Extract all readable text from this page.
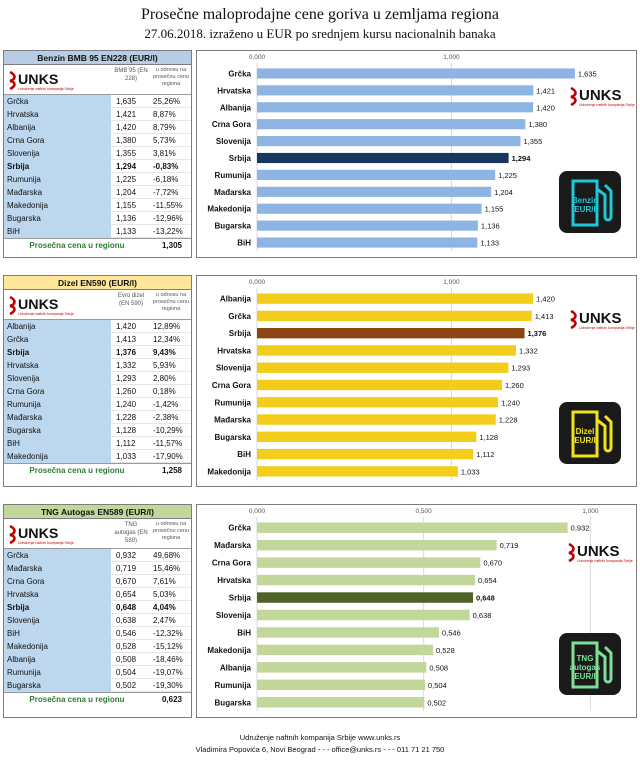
Prosečne maloprodajne cene goriva u zemljama regiona
27.06.2018. izraženo u EUR po srednjem kursu nacionalnih banaka
Benzin BMB 95 EN228 (EUR/l)
UNKS
Udruženje naftnih kompanija Srbije
BMB 95 (EN 228)
u odnosu na prosečnu cenu regiona
Grčka	1,635	25,26%
Hrvatska	1,421	8,87%
Albanija	1,420	8,79%
Crna Gora	1,380	5,73%
Slovenija	1,355	3,81%
Srbija	1,294	-0,83%
Rumunija	1,225	-6,18%
Mađarska	1,204	-7,72%
Makedonija	1,155	-11,55%
Bugarska	1,136	-12,96%
BiH	1,133	-13,22%
Prosečna cena u regionu	1,305
0,000	1,000
Grčka	1,635
Hrvatska	1,421
Albanija	1,420
Crna Gora	1,380
Slovenija	1,355
Srbija	1,294
Rumunija	1,225
Mađarska	1,204
Makedonija	1,155
Bugarska	1,136
BiH	1,133
UNKS
Udruženje naftnih kompanija Srbije
Benzin
EUR/l
Dizel EN590 (EUR/l)
UNKS
Udruženje naftnih kompanija Srbije
Evro dizel (EN 590)
u odnosu na prosečnu cenu regiona
Albanija	1,420	12,89%
Grčka	1,413	12,34%
Srbija	1,376	9,43%
Hrvatska	1,332	5,93%
Slovenija	1,293	2,80%
Crna Gora	1,260	0,18%
Rumunija	1,240	-1,42%
Mađarska	1,228	-2,38%
Bugarska	1,128	-10,29%
BiH	1,112	-11,57%
Makedonija	1,033	-17,90%
Prosečna cena u regionu	1,258
0,000	1,000
Albanija	1,420
Grčka	1,413
Srbija	1,376
Hrvatska	1,332
Slovenija	1,293
Crna Gora	1,260
Rumunija	1,240
Mađarska	1,228
Bugarska	1,128
BiH	1,112
Makedonija	1,033
UNKS
Udruženje naftnih kompanija Srbije
Dizel
EUR/l
TNG Autogas EN589 (EUR/l)
UNKS
Udruženje naftnih kompanija Srbije
TNG autogas (EN 589)
u odnosu na prosečnu cenu regiona
Grčka	0,932	49,68%
Mađarska	0,719	15,46%
Crna Gora	0,670	7,61%
Hrvatska	0,654	5,03%
Srbija	0,648	4,04%
Slovenija	0,638	2,47%
BiH	0,546	-12,32%
Makedonija	0,528	-15,12%
Albanija	0,508	-18,46%
Rumunija	0,504	-19,07%
Bugarska	0,502	-19,30%
Prosečna cena u regionu	0,623
0,000	0,500	1,000
Grčka	0,932
Mađarska	0,719
Crna Gora	0,670
Hrvatska	0,654
Srbija	0,648
Slovenija	0,638
BiH	0,546
Makedonija	0,528
Albanija	0,508
Rumunija	0,504
Bugarska	0,502
UNKS
Udruženje naftnih kompanija Srbije
TNG
autogas
EUR/l
Udruženje naftnih kompanija Srbije www.unks.rs
Vladimira Popovića 6, Novi Beograd - - - office@unks.rs - - - 011 71 21 750
